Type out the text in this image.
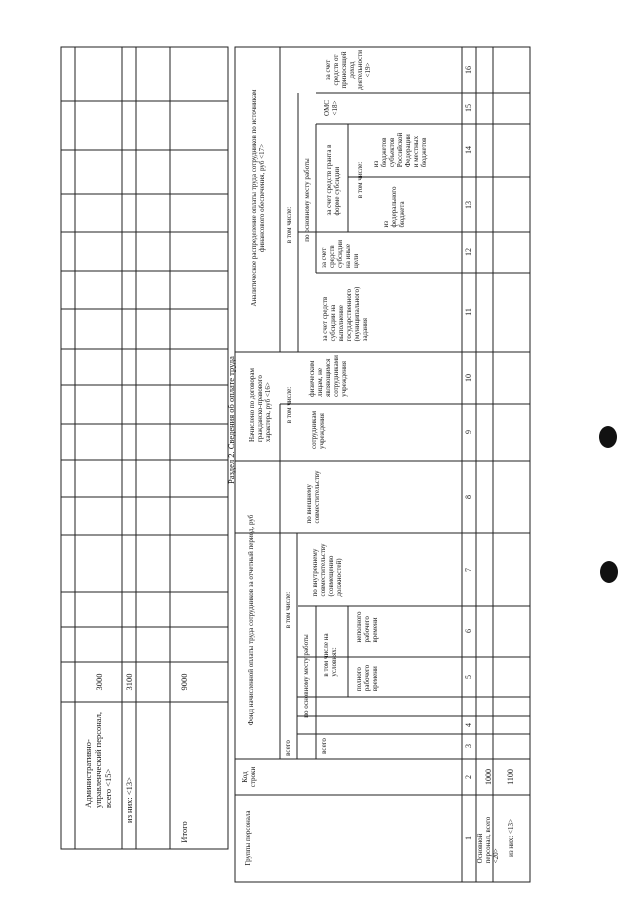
Административно-
управленческий персонал,
всего <15>
3000
из них: <13>
3100
Итого
9000
Раздел 2. Сведения об оплате труда
Группы персонала
Код
строки
Фонд начисленной оплаты труда сотрудников за отчетный период, руб
всего
в том числе:
по основному месту работы
всего
в том числе на
условиях:
полного
рабочего
времени
неполного
рабочего
времени
по внутреннему
совместительству
(совмещению
должностей)
по внешнему
совместительству
Начислено по договорам
гражданско-правового
характера, руб <16> в том числе:
сотрудникам
учреждения
физическим
лицам, не
являющимся
сотрудниками
учреждения
Аналитическое распределение оплаты труда сотрудников по источникам
финансового обеспечения, руб <17>
в том числе: по основному месту работы
за счет средств
субсидии на
выполнение
государственного
(муниципального)
задания
за счет
средств
субсидии
на иные
цели
за счет средств гранта в
форме субсидии в том числе:
из
федерального
бюджета
из
бюджетов
субъектов
Российской
Федерации
и местных
бюджетов
ОМС
<18>
за счет
средств от
приносящей
доход
деятельности
<19>
1
2
3
4
5
6
7
8
9
10
11
12
13
14
15
16
Основной
персонал, всего
<20>
1000
из них: <13>
1100
